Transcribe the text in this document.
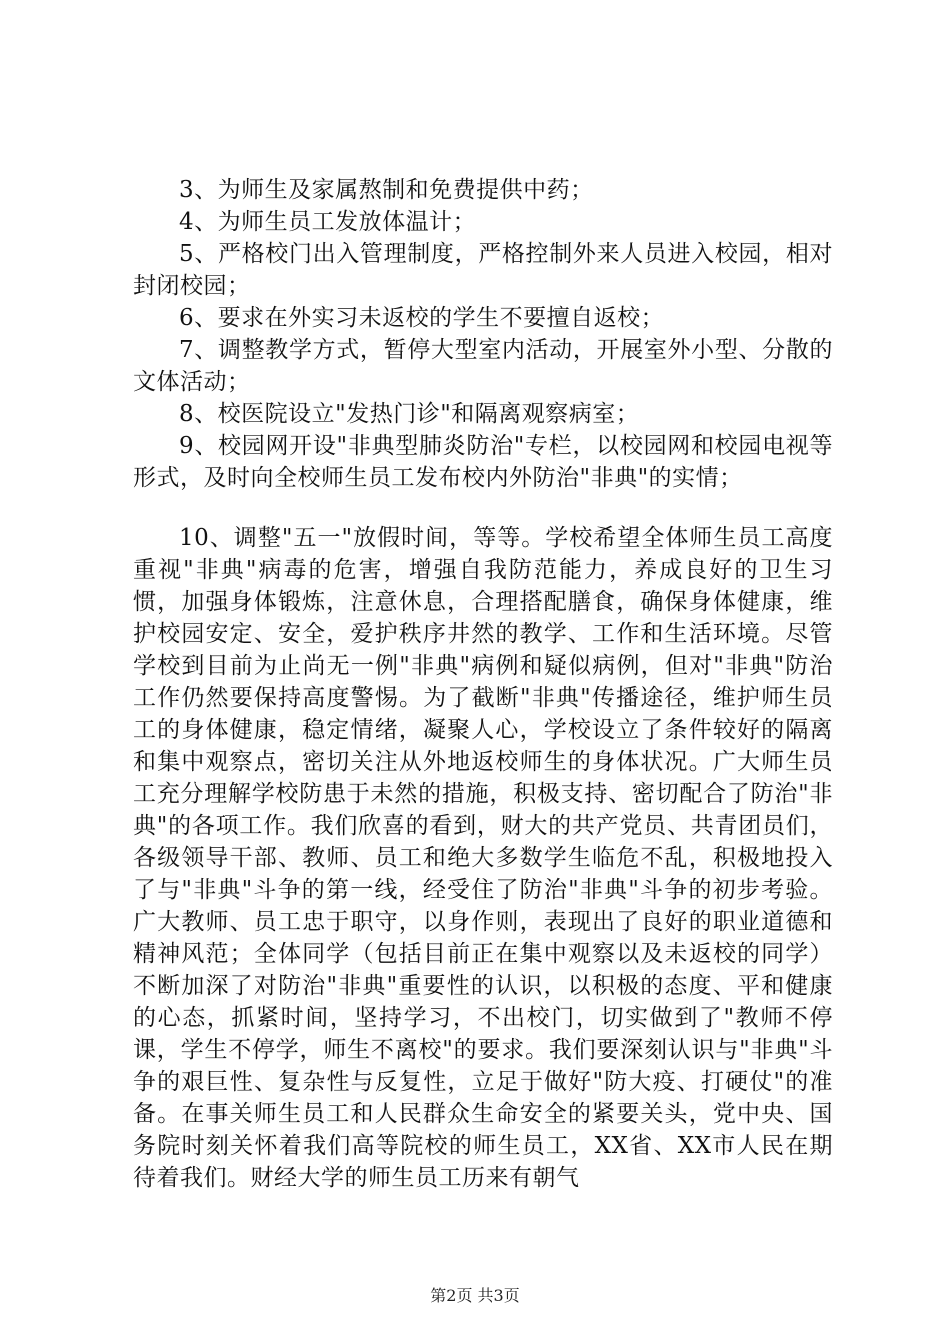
3、为师生及家属熬制和免费提供中药；

4、为师生员工发放体温计；

5、严格校门出入管理制度，严格控制外来人员进入校园，相对封闭校园；

6、要求在外实习未返校的学生不要擅自返校；

7、调整教学方式，暂停大型室内活动，开展室外小型、分散的文体活动；

8、校医院设立"发热门诊"和隔离观察病室；

9、校园网开设"非典型肺炎防治"专栏，以校园网和校园电视等形式，及时向全校师生员工发布校内外防治"非典"的实情；

10、调整"五一"放假时间，等等。学校希望全体师生员工高度重视"非典"病毒的危害，增强自我防范能力，养成良好的卫生习惯，加强身体锻炼，注意休息，合理搭配膳食，确保身体健康，维护校园安定、安全，爱护秩序井然的教学、工作和生活环境。尽管学校到目前为止尚无一例"非典"病例和疑似病例，但对"非典"防治工作仍然要保持高度警惕。为了截断"非典"传播途径，维护师生员工的身体健康，稳定情绪，凝聚人心，学校设立了条件较好的隔离和集中观察点，密切关注从外地返校师生的身体状况。广大师生员工充分理解学校防患于未然的措施，积极支持、密切配合了防治"非典"的各项工作。我们欣喜的看到，财大的共产党员、共青团员们，各级领导干部、教师、员工和绝大多数学生临危不乱，积极地投入了与"非典"斗争的第一线，经受住了防治"非典"斗争的初步考验。广大教师、员工忠于职守，以身作则，表现出了良好的职业道德和精神风范；全体同学（包括目前正在集中观察以及未返校的同学）不断加深了对防治"非典"重要性的认识，以积极的态度、平和健康的心态，抓紧时间，坚持学习，不出校门，切实做到了"教师不停课，学生不停学，师生不离校"的要求。我们要深刻认识与"非典"斗争的艰巨性、复杂性与反复性，立足于做好"防大疫、打硬仗"的准备。在事关师生员工和人民群众生命安全的紧要关头，党中央、国务院时刻关怀着我们高等院校的师生员工，XX省、XX市人民在期待着我们。财经大学的师生员工历来有朝气

第2页 共3页
